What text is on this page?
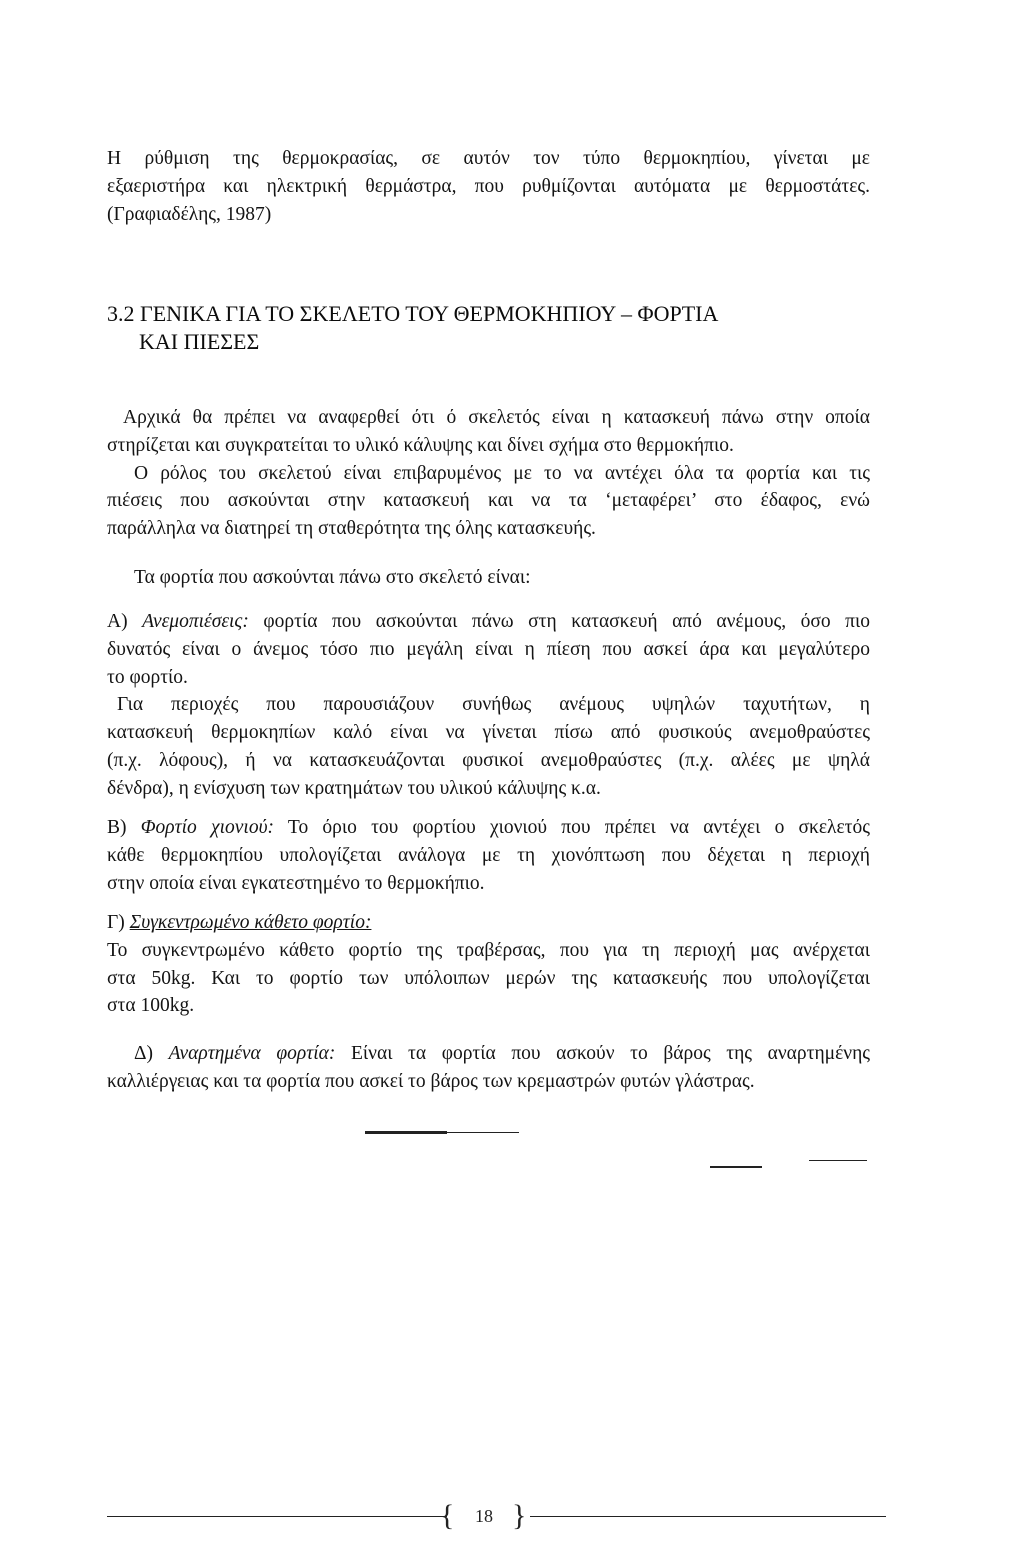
Η ρύθμιση της θερμοκρασίας, σε αυτόν τον τύπο θερμοκηπίου, γίνεται με
εξαεριστήρα και ηλεκτρική θερμάστρα, που ρυθμίζονται αυτόματα με θερμοστάτες.
(Γραφιαδέλης, 1987)
3.2 ΓΕΝΙΚΑ ΓΙΑ ΤΟ ΣΚΕΛΕΤΟ ΤΟΥ ΘΕΡΜΟΚΗΠΙΟΥ – ΦΟΡΤΙΑ
ΚΑΙ ΠΙΕΣΕΣ
Αρχικά θα πρέπει να αναφερθεί ότι ό σκελετός είναι η κατασκευή πάνω στην οποία
στηρίζεται και συγκρατείται το υλικό κάλυψης και δίνει σχήμα στο θερμοκήπιο.
Ο ρόλος του σκελετού είναι επιβαρυμένος με το να αντέχει όλα τα φορτία και τις
πιέσεις που ασκούνται στην κατασκευή και να τα ‘μεταφέρει’ στο έδαφος, ενώ
παράλληλα να διατηρεί τη σταθερότητα της όλης κατασκευής.
Τα φορτία που ασκούνται πάνω στο σκελετό είναι:
Α) Ανεμοπιέσεις: φορτία που ασκούνται πάνω στη κατασκευή από ανέμους, όσο πιο
δυνατός είναι ο άνεμος τόσο πιο μεγάλη είναι η πίεση που ασκεί άρα και μεγαλύτερο
το φορτίο.
Για περιοχές που παρουσιάζουν συνήθως ανέμους υψηλών ταχυτήτων, η
κατασκευή θερμοκηπίων καλό είναι να γίνεται πίσω από φυσικούς ανεμοθραύστες
(π.χ. λόφους), ή να κατασκευάζονται φυσικοί ανεμοθραύστες (π.χ. αλέες με ψηλά
δένδρα), η ενίσχυση των κρατημάτων του υλικού κάλυψης κ.α.
Β) Φορτίο χιονιού: Το όριο του φορτίου χιονιού που πρέπει να αντέχει ο σκελετός
κάθε θερμοκηπίου υπολογίζεται ανάλογα με τη χιονόπτωση που δέχεται η περιοχή
στην οποία είναι εγκατεστημένο το θερμοκήπιο.
Γ) Συγκεντρωμένο κάθετο φορτίο:
Το συγκεντρωμένο κάθετο φορτίο της τραβέρσας, που για τη περιοχή μας ανέρχεται
στα 50kg. Και το φορτίο των υπόλοιπων μερών της κατασκευής που υπολογίζεται
στα 100kg.
Δ) Αναρτημένα φορτία: Είναι τα φορτία που ασκούν το βάρος της αναρτημένης
καλλιέργειας και τα φορτία που ασκεί το βάρος των κρεμαστρών φυτών γλάστρας.
{ 18 }
